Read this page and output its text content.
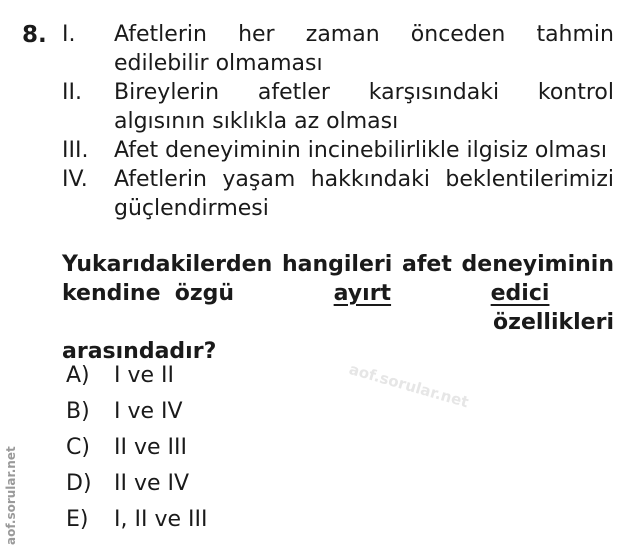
8. I.	Afetlerin her zaman önceden tahmin
edilebilir olmaması
II.	Bireylerin afetler karşısındaki kontrol
algısının sıklıkla az olması
III.	Afet deneyiminin incinebilirlikle ilgisiz olması
IV.	Afetlerin yaşam hakkındaki beklentilerimizi
güçlendirmesi
Yukarıdakilerden hangileri afet deneyiminin
kendine özgü	ayırt	edici       özellikleri
arasındadır?
A)	I ve II
B)	I ve IV
C)	II ve III
D)	II ve IV
E)	I, II ve III
aof.sorular.net
aof.sorular.net
